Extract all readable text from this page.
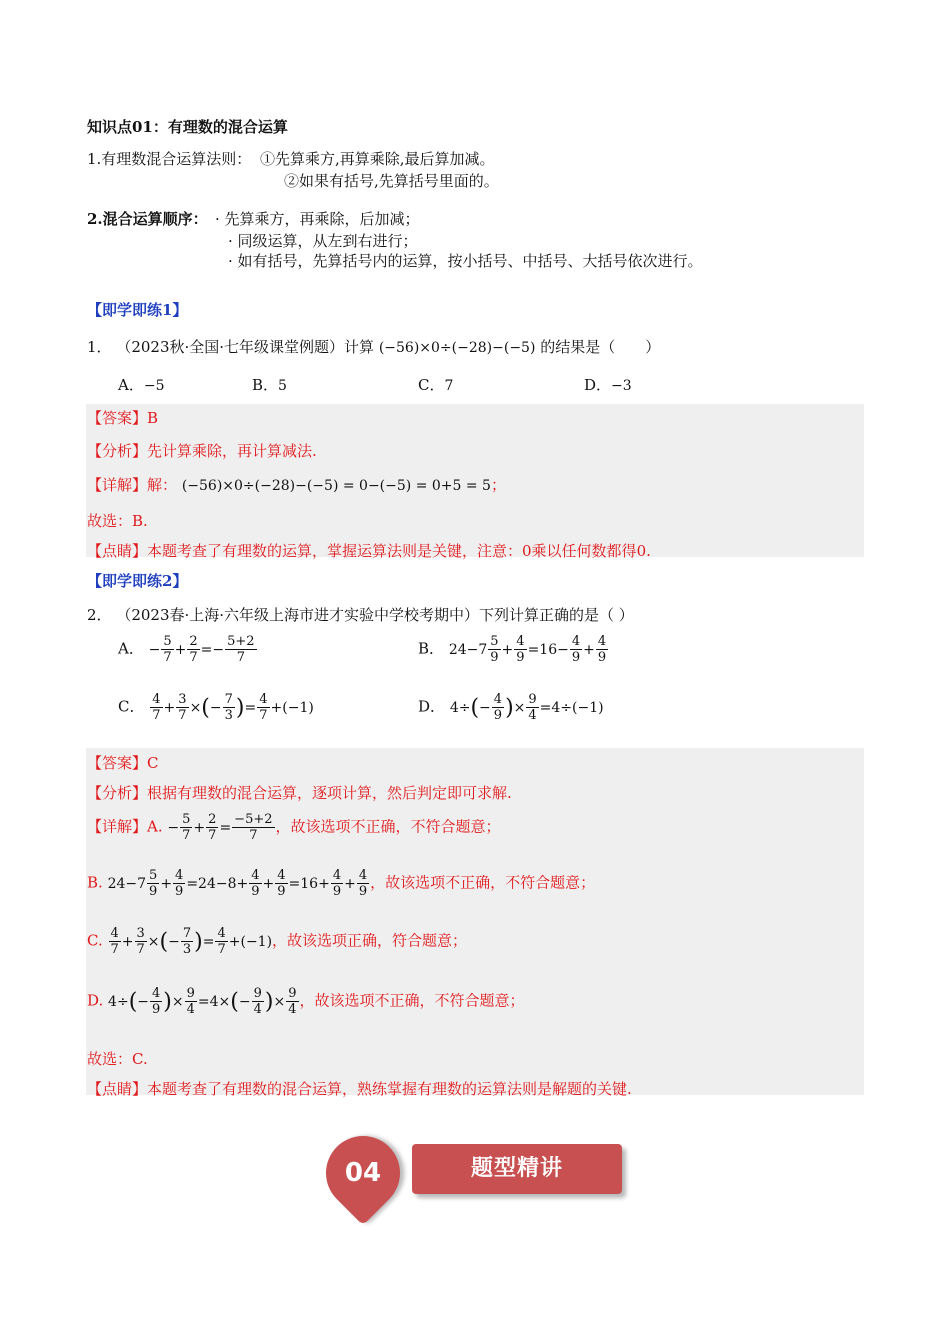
知识点01：有理数的混合运算
1.有理数混合运算法则： ①先算乘方,再算乘除,最后算加减。
②如果有括号,先算括号里面的。
2.混合运算顺序： · 先算乘方，再乘除，后加减；
· 同级运算，从左到右进行；
· 如有括号，先算括号内的运算，按小括号、中括号、大括号依次进行。
【即学即练1】
1． （2023秋·全国·七年级课堂例题）计算 (−56)×0÷(−28)−(−5) 的结果是（　　）
A．−5	B．5	C．7	D．−3
【答案】B
【分析】先计算乘除，再计算减法.
【详解】解： (−56)×0÷(−28)−(−5) = 0−(−5) = 0+5 = 5；
故选：B.
【点睛】本题考查了有理数的运算，掌握运算法则是关键，注意：0乘以任何数都得0.
【即学即练2】
2． （2023春·上海·六年级上海市进才实验中学校考期中）下列计算正确的是（ ）
A． − $\frac{5}{7} + \frac{2}{7} =- \frac{5+2}{7}$	B． $24-7 \frac{5}{9} + \frac{4}{9} =16- \frac{4}{9} + \frac{4}{9}$
C． $\frac{4}{7} + \frac{3}{7}$ ×(− $\frac{7}{3}$ )= $\frac{4}{7} +(-1)$	D． $4\div(- \frac{4}{9}$ )× $\frac{9}{4} =4\div(-1)$
【答案】C
【分析】根据有理数的混合运算，逐项计算，然后判定即可求解.
【详解】A. − $\frac{5}{7} + \frac{2}{7} = \frac{-5+2}{7}$ ，故该选项不正确，不符合题意；
B. $24-7 \frac{5}{9} + \frac{4}{9} =24-8+ \frac{4}{9} + \frac{4}{9} =16+ \frac{4}{9} + \frac{4}{9}$ ，故该选项不正确，不符合题意；
C. $\frac{4}{7} + \frac{3}{7}$ ×(− $\frac{7}{3}$ )= $\frac{4}{7} +(-1)$，故该选项正确，符合题意；
D. $4\div(- \frac{4}{9}$ )× $\frac{9}{4} =4\times(- \frac{9}{4}$ )× $\frac{9}{4}$ ，故该选项不正确，不符合题意；
故选：C.
【点睛】本题考查了有理数的混合运算，熟练掌握有理数的运算法则是解题的关键.
04	题型精讲
